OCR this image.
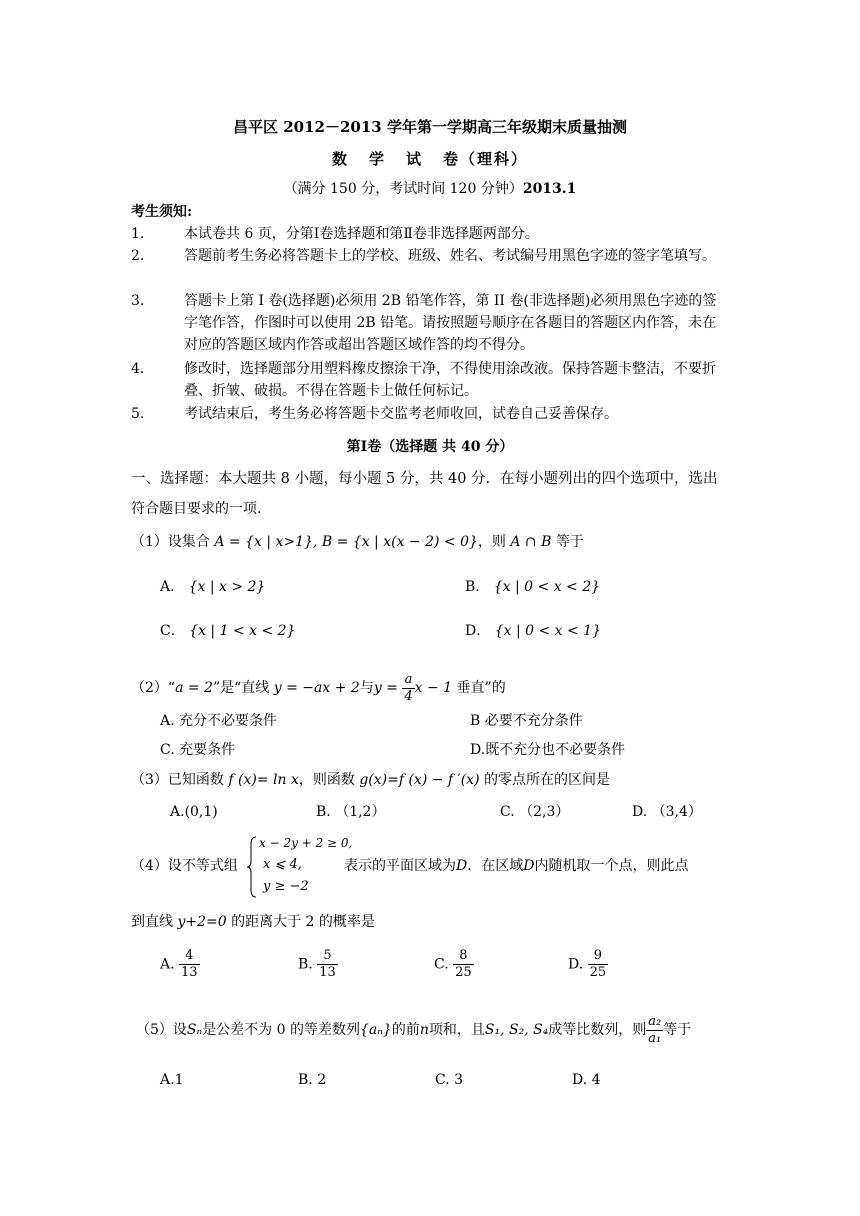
昌平区 2012－2013 学年第一学期高三年级期末质量抽测
数学试卷（理科）
（满分 150 分，考试时间 120 分钟）2013.1
考生须知:
1.	本试卷共 6 页，分第Ⅰ卷选择题和第Ⅱ卷非选择题两部分。
2.	答题前考生务必将答题卡上的学校、班级、姓名、考试编号用黑色字迹的签字笔填写。
3.	答题卡上第 I 卷(选择题)必须用 2B 铅笔作答，第 II 卷(非选择题)必须用黑色字迹的签字笔作答，作图时可以使用 2B 铅笔。请按照题号顺序在各题目的答题区内作答，未在对应的答题区域内作答或超出答题区域作答的均不得分。
4.	修改时，选择题部分用塑料橡皮擦涂干净，不得使用涂改液。保持答题卡整洁，不要折叠、折皱、破损。不得在答题卡上做任何标记。
5.	考试结束后，考生务必将答题卡交监考老师收回，试卷自己妥善保存。
第Ⅰ卷（选择题 共 40 分）
一、选择题：本大题共 8 小题，每小题 5 分，共 40 分．在每小题列出的四个选项中，选出
符合题目要求的一项.
（1）设集合 A = {x | x>1}, B = {x | x(x − 2) < 0}，则 A ∩ B 等于
A． {x | x > 2}	B． {x | 0 < x < 2}
C． {x | 1 < x < 2}	D． {x | 0 < x < 1}
（2）“a = 2”是“直线 y = −ax + 2与$y = \frac{a}{4}$ x − 1 垂直”的
A. 充分不必要条件	B 必要不充分条件
C. 充要条件	D.既不充分也不必要条件
（3）已知函数 f (x)= ln x，则函数 g(x)=f (x) − f ′(x) 的零点所在的区间是
A.(0,1)	B. （1,2）	C. （2,3）	D. （3,4）
（4）设不等式组
x − 2y + 2 ≥ 0,
x ⩽ 4,
y ≥ −2
表示的平面区域为D．在区域D内随机取一个点，则此点
到直线 y+2=0 的距离大于 2 的概率是
A. $\frac{4}{13}$	B. $\frac{5}{13}$	C. $\frac{8}{25}$	D. $\frac{9}{25}$
（5）设Sₙ是公差不为 0 的等差数列{aₙ}的前n项和，且S₁, S₂, S₄成等比数列，则 $\frac{\text{a₂}}{\text{a₁}}$ 等于
A.1	B. 2	C. 3	D. 4
